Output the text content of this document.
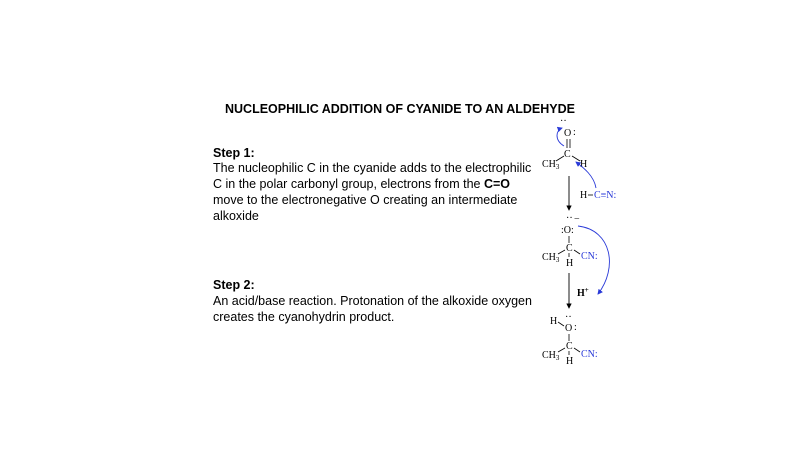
NUCLEOPHILIC ADDITION OF CYANIDE TO AN ALDEHYDE
Step 1:
The nucleophilic C in the cyanide adds to the electrophilic C in the polar carbonyl group, electrons from the C=O move to the electronegative O creating an intermediate alkoxide
Step 2:
An acid/base reaction. Protonation of the alkoxide oxygen creates the cyanohydrin product.
O
··
:
C
$CH_3$ H
H C≡N:
:O:
·· −
C
$CH_3$ CN:
H
H+
H
O
··
:
C
$CH_3$ CN:
H
